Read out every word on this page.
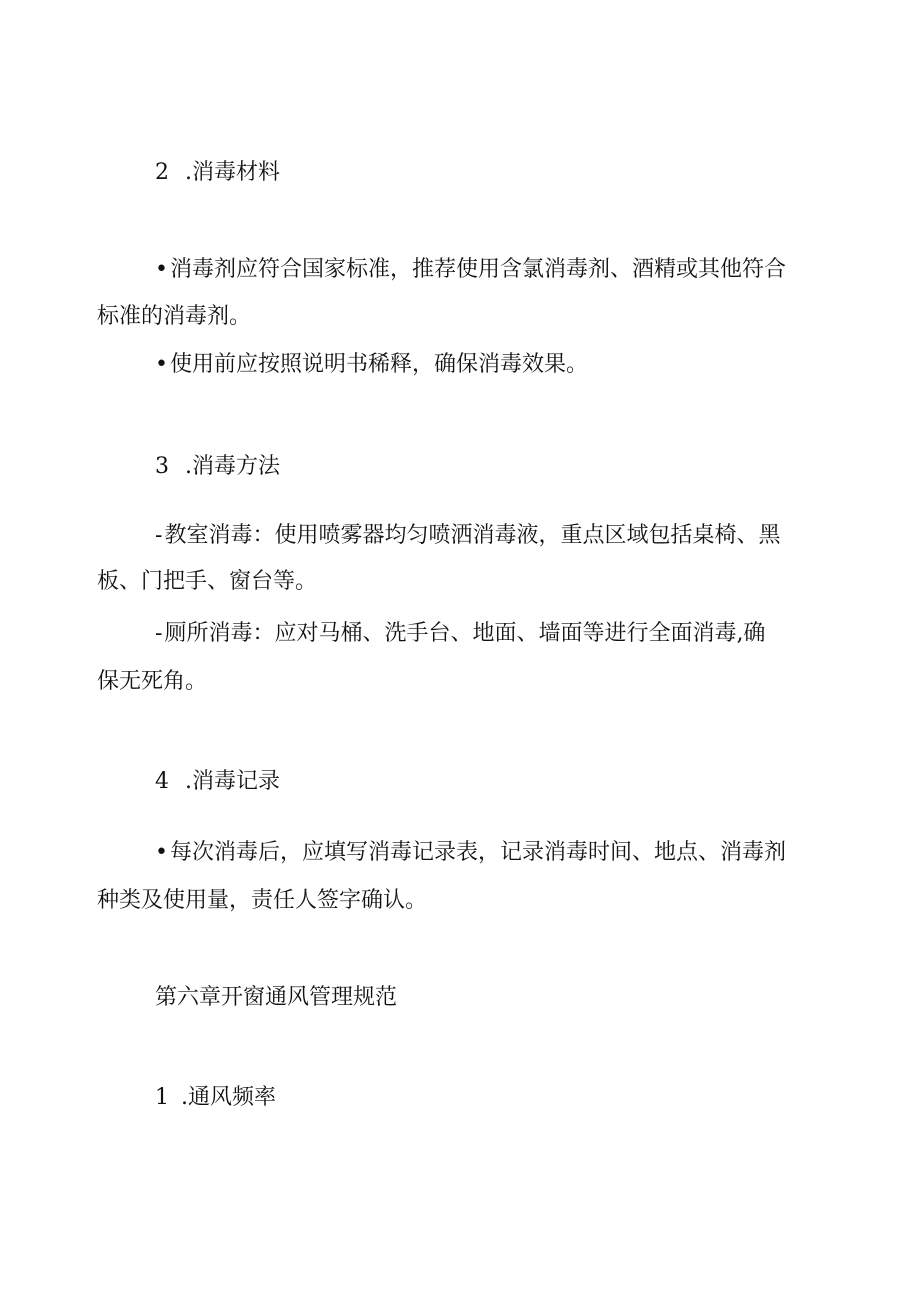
2 .消毒材料
•消毒剂应符合国家标准，推荐使用含氯消毒剂、酒精或其他符合
标准的消毒剂。
•使用前应按照说明书稀释，确保消毒效果。
3 .消毒方法
-教室消毒：使用喷雾器均匀喷洒消毒液，重点区域包括桌椅、黑
板、门把手、窗台等。
-厕所消毒：应对马桶、洗手台、地面、墙面等进行全面消毒,确
保无死角。
4 .消毒记录
•每次消毒后，应填写消毒记录表，记录消毒时间、地点、消毒剂
种类及使用量，责任人签字确认。
第六章开窗通风管理规范
1 .通风频率
